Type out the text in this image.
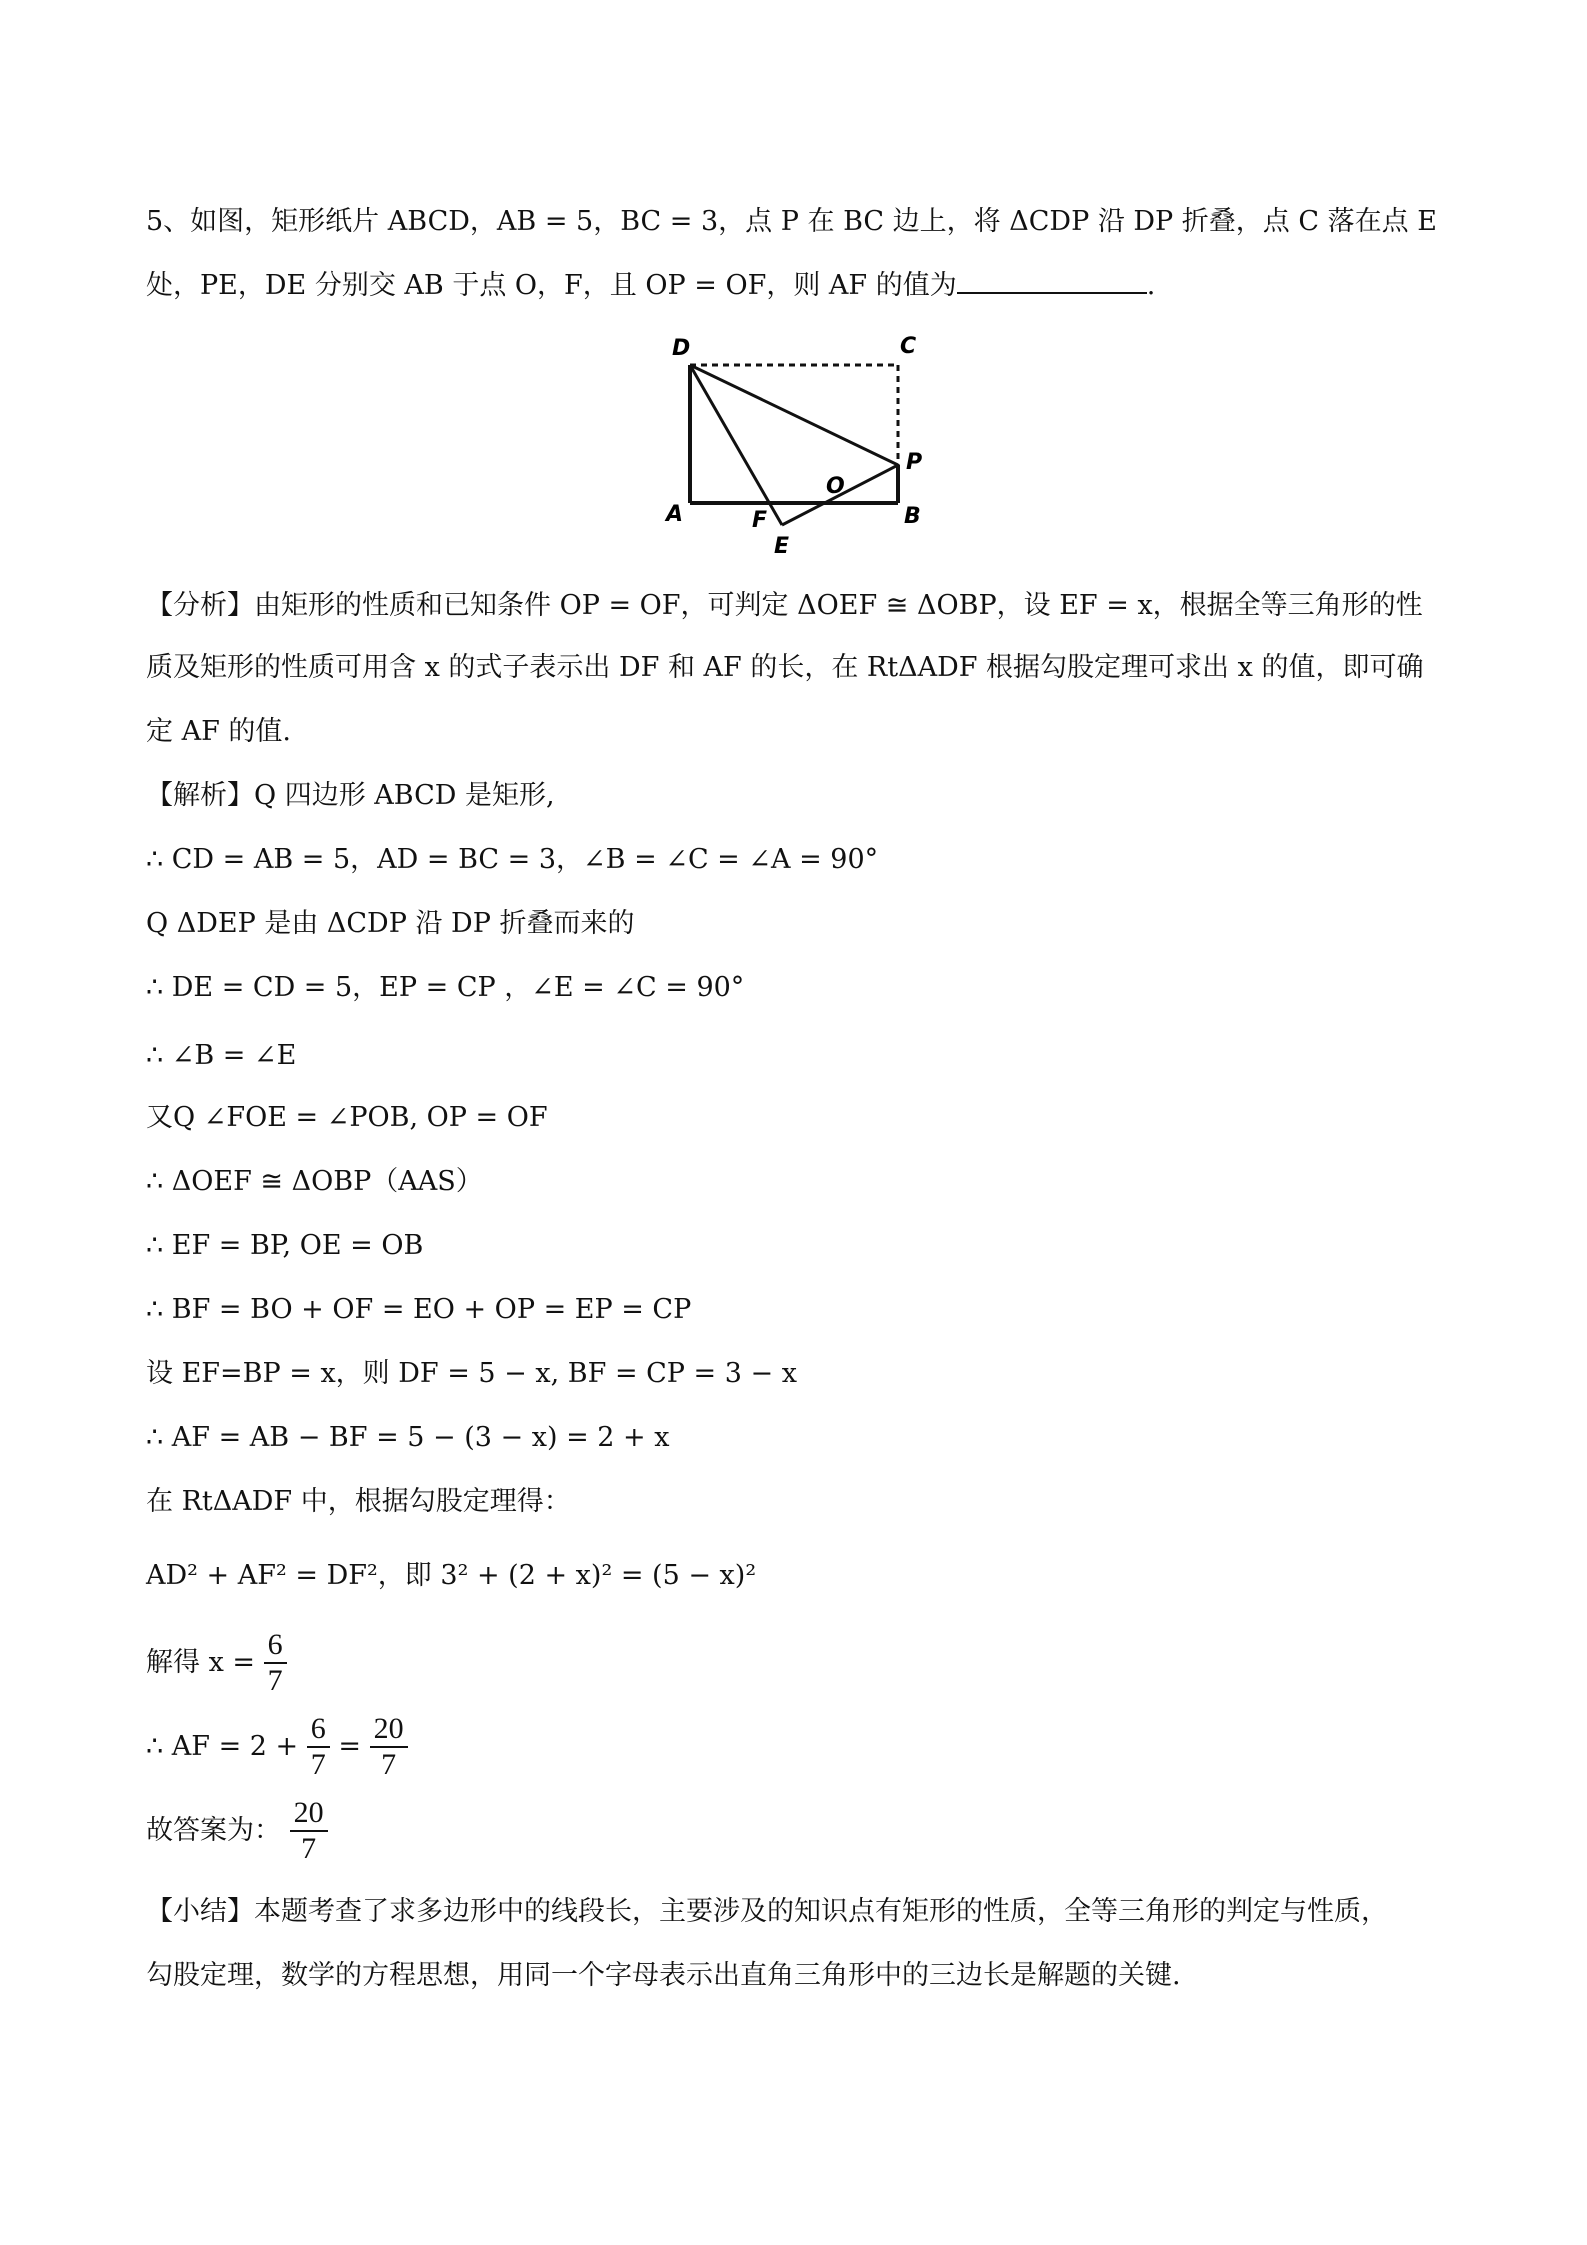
5、如图，矩形纸片 ABCD，AB = 5，BC = 3，点 P 在 BC 边上，将 ΔCDP 沿 DP 折叠，点 C 落在点 E
处，PE，DE 分别交 AB 于点 O，F，且 OP = OF，则 AF 的值为	.
D	C
P
O
A	F	B
E
【分析】由矩形的性质和已知条件 OP = OF，可判定 ΔOEF ≅ ΔOBP，设 EF = x，根据全等三角形的性
质及矩形的性质可用含 x 的式子表示出 DF 和 AF 的长，在 RtΔADF 根据勾股定理可求出 x 的值，即可确
定 AF 的值.
【解析】Q 四边形 ABCD 是矩形,
∴ CD = AB = 5，AD = BC = 3，∠B = ∠C = ∠A = 90°
Q ΔDEP 是由 ΔCDP 沿 DP 折叠而来的
∴ DE = CD = 5，EP = CP ，∠E = ∠C = 90°
∴ ∠B = ∠E
又Q ∠FOE = ∠POB, OP = OF
∴ ΔOEF ≅ ΔOBP（AAS）
∴ EF = BP, OE = OB
∴ BF = BO + OF = EO + OP = EP = CP
设 EF=BP = x，则 DF = 5 − x, BF = CP = 3 − x
∴ AF = AB − BF = 5 − (3 − x) = 2 + x
在 RtΔADF 中，根据勾股定理得：
AD² + AF² = DF²，即 3² + (2 + x)² = (5 − x)²
解得 $x = \frac{6}{7}$
∴ AF = $2 + \frac{6}{7} = \frac{20}{7}$
故答案为： $\frac{20}{7}$
【小结】本题考查了求多边形中的线段长，主要涉及的知识点有矩形的性质，全等三角形的判定与性质，
勾股定理，数学的方程思想，用同一个字母表示出直角三角形中的三边长是解题的关键.
